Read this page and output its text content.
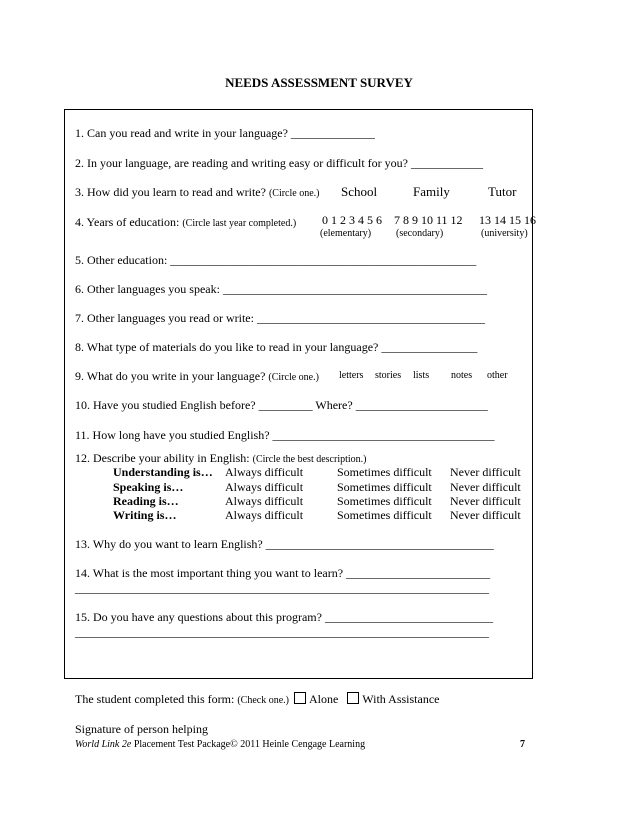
NEEDS ASSESSMENT SURVEY
1. Can you read and write in your language? ______________
2. In your language, are reading and writing easy or difficult for you? ____________
3. How did you learn to read and write? (Circle one.) School	Family	Tutor
4. Years of education: (Circle last year completed.) 0 1 2 3 4 5 6
(elementary)
7 8 9 10 11 12
(secondary)
13 14 15 16
(university)
5. Other education: ___________________________________________________
6. Other languages you speak: ____________________________________________
7. Other languages you read or write: ______________________________________
8. What type of materials do you like to read in your language? ________________
9. What do you write in your language? (Circle one.) letters stories lists notes other
10. Have you studied English before? _________ Where? ______________________
11. How long have you studied English? _____________________________________
12. Describe your ability in English: (Circle the best description.)
Understanding is… Always difficult	Sometimes difficult Never difficult
Speaking is…	Always difficult	Sometimes difficult Never difficult
Reading is…	Always difficult	Sometimes difficult Never difficult
Writing is…	Always difficult	Sometimes difficult Never difficult
13. Why do you want to learn English? ______________________________________
14. What is the most important thing you want to learn? ________________________
_____________________________________________________________________
15. Do you have any questions about this program? ____________________________
_____________________________________________________________________
The student completed this form: (Check one.) Alone With Assistance
Signature of person helping
World Link 2e Placement Test Package© 2011 Heinle Cengage Learning	7
